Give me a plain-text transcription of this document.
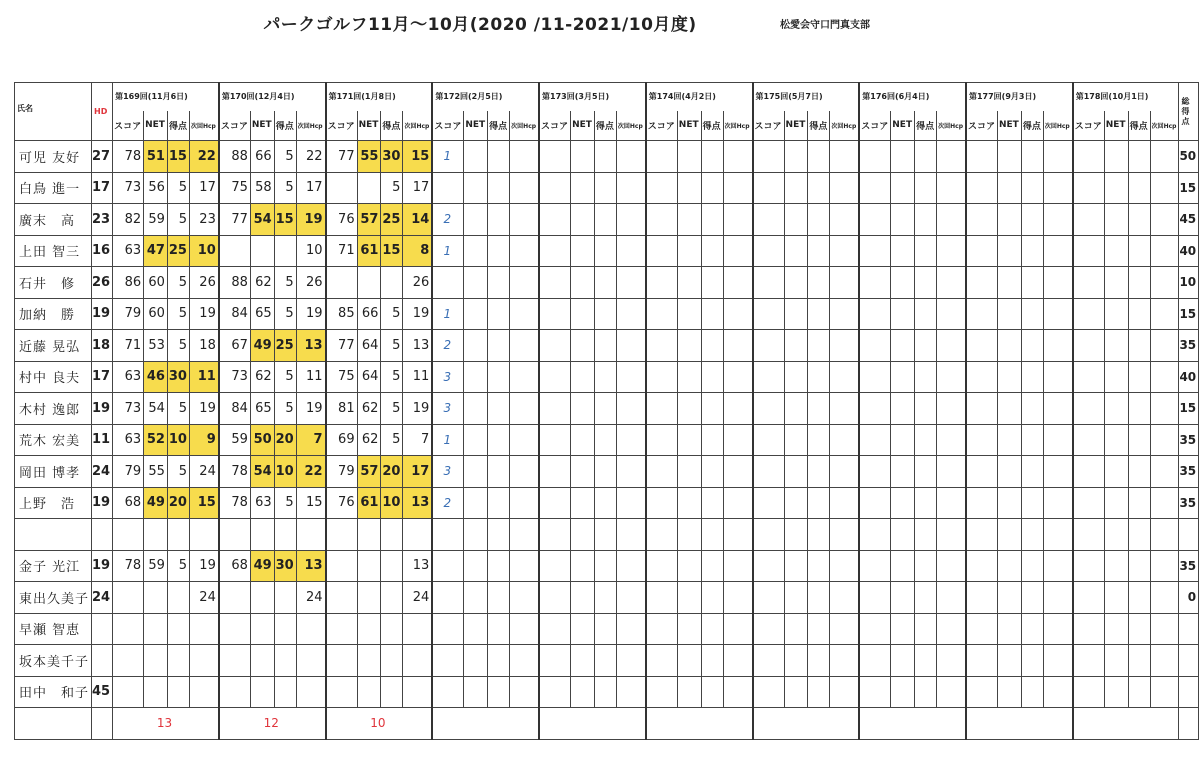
パークゴルフ11月～10月(2020 /11-2021/10月度)	松愛会守口門真支部
氏名	HD	第169回(11月6日)				第170回(12月4日)				第171回(1月8日)				第172回(2月5日)				第173回(3月5日)				第174回(4月2日)				第175回(5月7日)				第176回(6月4日)				第177回(9月3日)				第178回(10月1日)				総得点
		スコア	NET	得点	次回Hcp	スコア	NET	得点	次回Hcp	スコア	NET	得点	次回Hcp	スコア	NET	得点	次回Hcp	スコア	NET	得点	次回Hcp	スコア	NET	得点	次回Hcp	スコア	NET	得点	次回Hcp	スコア	NET	得点	次回Hcp	スコア	NET	得点	次回Hcp	スコア	NET	得点	次回Hcp	
可児 友好	27	78	51	15	22	88	66	5	22	77	55	30	15	1																												50
白鳥 進一	17	73	56	5	17	75	58	5	17			5	17																													15
廣末　高	23	82	59	5	23	77	54	15	19	76	57	25	14	2																												45
上田 智三	16	63	47	25	10				10	71	61	15	8	1																												40
石井　修	26	86	60	5	26	88	62	5	26				26																													10
加納　勝	19	79	60	5	19	84	65	5	19	85	66	5	19	1																												15
近藤 晃弘	18	71	53	5	18	67	49	25	13	77	64	5	13	2																												35
村中 良夫	17	63	46	30	11	73	62	5	11	75	64	5	11	3																												40
木村 逸郎	19	73	54	5	19	84	65	5	19	81	62	5	19	3																												15
荒木 宏美	11	63	52	10	9	59	50	20	7	69	62	5	7	1																												35
岡田 博孝	24	79	55	5	24	78	54	10	22	79	57	20	17	3																												35
上野　浩	19	68	49	20	15	78	63	5	15	76	61	10	13	2																												35

金子 光江	19	78	59	5	19	68	49	30	13				13																													35
東出久美子	24				24				24				24																													0
早瀬 智恵																																										
坂本美千子																																										
田中　和子	45																																									
		13				12				10																																
